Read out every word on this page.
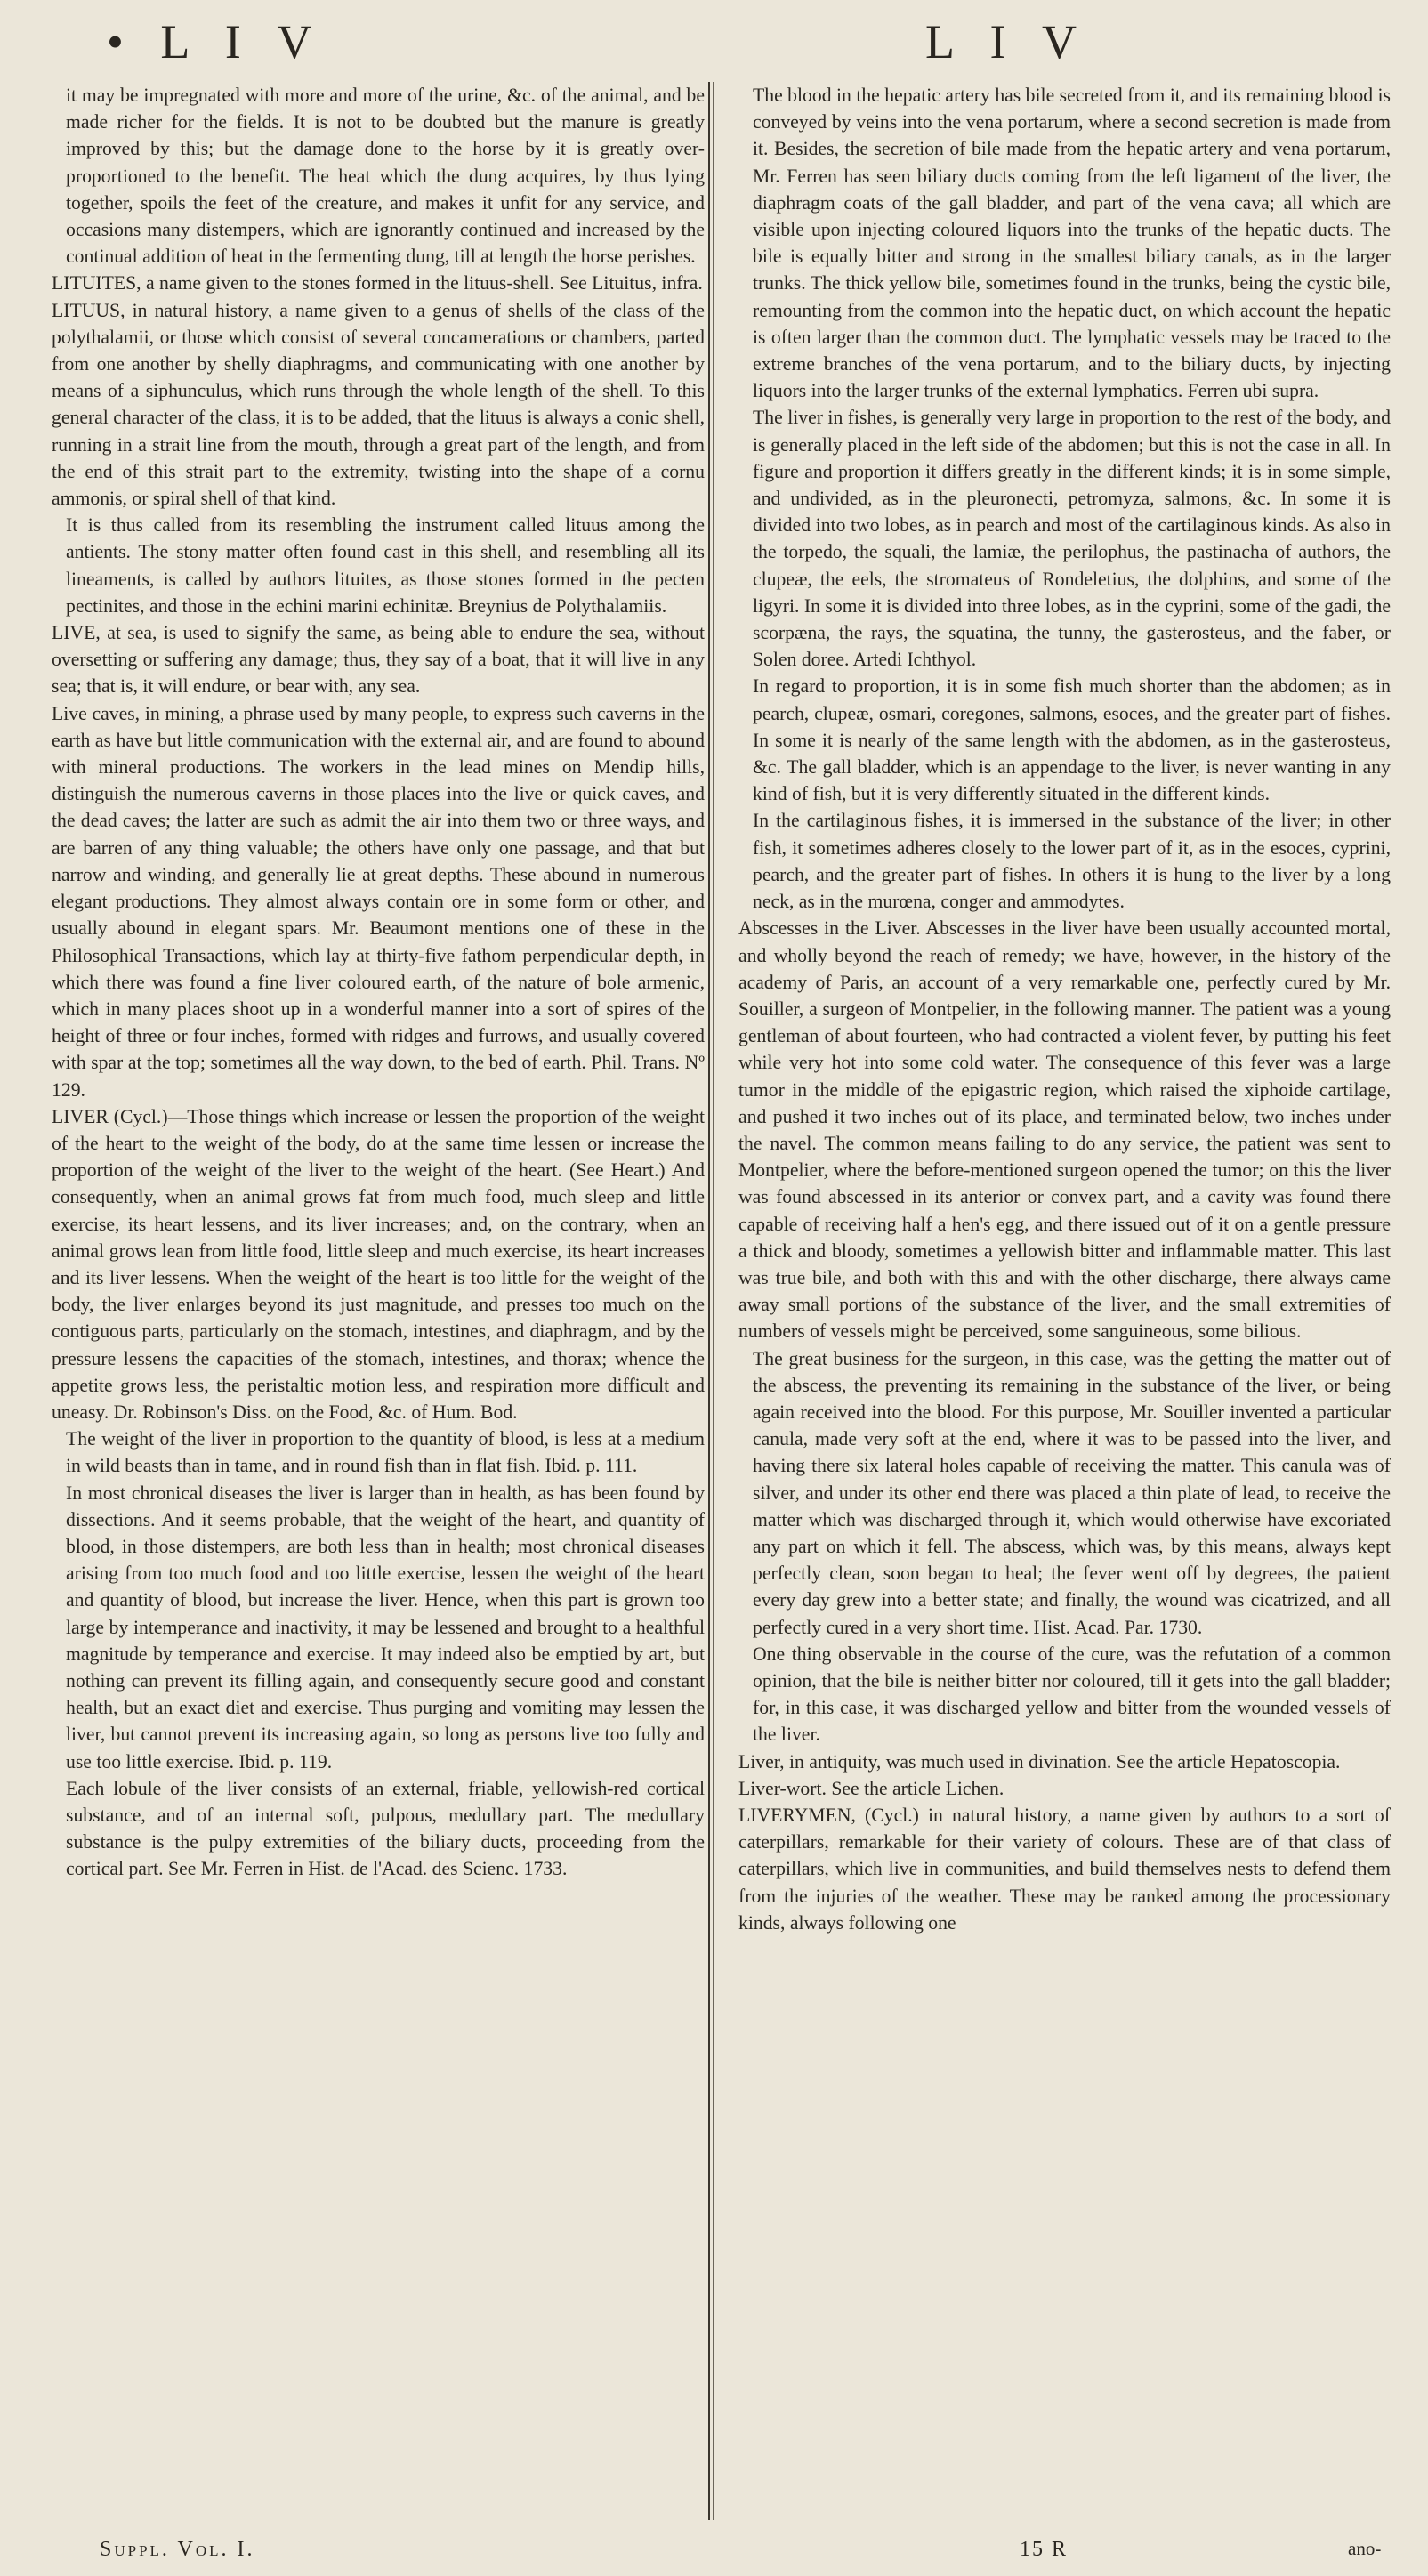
• L I V	L I V

it may be impregnated with more and more of the urine, &c. of the animal, and be made richer for the fields. It is not to be doubted but the manure is greatly improved by this; but the damage done to the horse by it is greatly over-proportioned to the benefit. The heat which the dung acquires, by thus lying together, spoils the feet of the creature, and makes it unfit for any service, and occasions many distempers, which are ignorantly continued and increased by the continual addition of heat in the fermenting dung, till at length the horse perishes.

LITUITES, a name given to the stones formed in the lituus-shell. See Lituitus, infra.

LITUUS, in natural history, a name given to a genus of shells of the class of the polythalamii, or those which consist of several concamerations or chambers, parted from one another by shelly diaphragms, and communicating with one another by means of a siphunculus, which runs through the whole length of the shell. To this general character of the class, it is to be added, that the lituus is always a conic shell, running in a strait line from the mouth, through a great part of the length, and from the end of this strait part to the extremity, twisting into the shape of a cornu ammonis, or spiral shell of that kind.

It is thus called from its resembling the instrument called lituus among the antients. The stony matter often found cast in this shell, and resembling all its lineaments, is called by authors lituites, as those stones formed in the pecten pectinites, and those in the echini marini echinitæ. Breynius de Polythalamiis.

LIVE, at sea, is used to signify the same, as being able to endure the sea, without oversetting or suffering any damage; thus, they say of a boat, that it will live in any sea; that is, it will endure, or bear with, any sea.

Live caves, in mining, a phrase used by many people, to express such caverns in the earth as have but little communication with the external air, and are found to abound with mineral productions. The workers in the lead mines on Mendip hills, distinguish the numerous caverns in those places into the live or quick caves, and the dead caves; the latter are such as admit the air into them two or three ways, and are barren of any thing valuable; the others have only one passage, and that but narrow and winding, and generally lie at great depths. These abound in numerous elegant productions. They almost always contain ore in some form or other, and usually abound in elegant spars. Mr. Beaumont mentions one of these in the Philosophical Transactions, which lay at thirty-five fathom perpendicular depth, in which there was found a fine liver coloured earth, of the nature of bole armenic, which in many places shoot up in a wonderful manner into a sort of spires of the height of three or four inches, formed with ridges and furrows, and usually covered with spar at the top; sometimes all the way down, to the bed of earth. Phil. Trans. Nº 129.

LIVER (Cycl.)—Those things which increase or lessen the proportion of the weight of the heart to the weight of the body, do at the same time lessen or increase the proportion of the weight of the liver to the weight of the heart. (See Heart.) And consequently, when an animal grows fat from much food, much sleep and little exercise, its heart lessens, and its liver increases; and, on the contrary, when an animal grows lean from little food, little sleep and much exercise, its heart increases and its liver lessens. When the weight of the heart is too little for the weight of the body, the liver enlarges beyond its just magnitude, and presses too much on the contiguous parts, particularly on the stomach, intestines, and diaphragm, and by the pressure lessens the capacities of the stomach, intestines, and thorax; whence the appetite grows less, the peristaltic motion less, and respiration more difficult and uneasy. Dr. Robinson's Diss. on the Food, &c. of Hum. Bod.

The weight of the liver in proportion to the quantity of blood, is less at a medium in wild beasts than in tame, and in round fish than in flat fish. Ibid. p. 111.

In most chronical diseases the liver is larger than in health, as has been found by dissections. And it seems probable, that the weight of the heart, and quantity of blood, in those distempers, are both less than in health; most chronical diseases arising from too much food and too little exercise, lessen the weight of the heart and quantity of blood, but increase the liver. Hence, when this part is grown too large by intemperance and inactivity, it may be lessened and brought to a healthful magnitude by temperance and exercise. It may indeed also be emptied by art, but nothing can prevent its filling again, and consequently secure good and constant health, but an exact diet and exercise. Thus purging and vomiting may lessen the liver, but cannot prevent its increasing again, so long as persons live too fully and use too little exercise. Ibid. p. 119.

Each lobule of the liver consists of an external, friable, yellowish-red cortical substance, and of an internal soft, pulpous, medullary part. The medullary substance is the pulpy extremities of the biliary ducts, proceeding from the cortical part. See Mr. Ferren in Hist. de l'Acad. des Scienc. 1733.

The blood in the hepatic artery has bile secreted from it, and its remaining blood is conveyed by veins into the vena portarum, where a second secretion is made from it. Besides, the secretion of bile made from the hepatic artery and vena portarum, Mr. Ferren has seen biliary ducts coming from the left ligament of the liver, the diaphragm coats of the gall bladder, and part of the vena cava; all which are visible upon injecting coloured liquors into the trunks of the hepatic ducts. The bile is equally bitter and strong in the smallest biliary canals, as in the larger trunks. The thick yellow bile, sometimes found in the trunks, being the cystic bile, remounting from the common into the hepatic duct, on which account the hepatic is often larger than the common duct. The lymphatic vessels may be traced to the extreme branches of the vena portarum, and to the biliary ducts, by injecting liquors into the larger trunks of the external lymphatics. Ferren ubi supra.

The liver in fishes, is generally very large in proportion to the rest of the body, and is generally placed in the left side of the abdomen; but this is not the case in all. In figure and proportion it differs greatly in the different kinds; it is in some simple, and undivided, as in the pleuronecti, petromyza, salmons, &c. In some it is divided into two lobes, as in pearch and most of the cartilaginous kinds. As also in the torpedo, the squali, the lamiæ, the perilophus, the pastinacha of authors, the clupeæ, the eels, the stromateus of Rondeletius, the dolphins, and some of the ligyri. In some it is divided into three lobes, as in the cyprini, some of the gadi, the scorpæna, the rays, the squatina, the tunny, the gasterosteus, and the faber, or Solen doree. Artedi Ichthyol.

In regard to proportion, it is in some fish much shorter than the abdomen; as in pearch, clupeæ, osmari, coregones, salmons, esoces, and the greater part of fishes. In some it is nearly of the same length with the abdomen, as in the gasterosteus, &c. The gall bladder, which is an appendage to the liver, is never wanting in any kind of fish, but it is very differently situated in the different kinds.

In the cartilaginous fishes, it is immersed in the substance of the liver; in other fish, it sometimes adheres closely to the lower part of it, as in the esoces, cyprini, pearch, and the greater part of fishes. In others it is hung to the liver by a long neck, as in the murœna, conger and ammodytes.

Abscesses in the Liver. Abscesses in the liver have been usually accounted mortal, and wholly beyond the reach of remedy; we have, however, in the history of the academy of Paris, an account of a very remarkable one, perfectly cured by Mr. Souiller, a surgeon of Montpelier, in the following manner. The patient was a young gentleman of about fourteen, who had contracted a violent fever, by putting his feet while very hot into some cold water. The consequence of this fever was a large tumor in the middle of the epigastric region, which raised the xiphoide cartilage, and pushed it two inches out of its place, and terminated below, two inches under the navel. The common means failing to do any service, the patient was sent to Montpelier, where the before-mentioned surgeon opened the tumor; on this the liver was found abscessed in its anterior or convex part, and a cavity was found there capable of receiving half a hen's egg, and there issued out of it on a gentle pressure a thick and bloody, sometimes a yellowish bitter and inflammable matter. This last was true bile, and both with this and with the other discharge, there always came away small portions of the substance of the liver, and the small extremities of numbers of vessels might be perceived, some sanguineous, some bilious.

The great business for the surgeon, in this case, was the getting the matter out of the abscess, the preventing its remaining in the substance of the liver, or being again received into the blood. For this purpose, Mr. Souiller invented a particular canula, made very soft at the end, where it was to be passed into the liver, and having there six lateral holes capable of receiving the matter. This canula was of silver, and under its other end there was placed a thin plate of lead, to receive the matter which was discharged through it, which would otherwise have excoriated any part on which it fell. The abscess, which was, by this means, always kept perfectly clean, soon began to heal; the fever went off by degrees, the patient every day grew into a better state; and finally, the wound was cicatrized, and all perfectly cured in a very short time. Hist. Acad. Par. 1730.

One thing observable in the course of the cure, was the refutation of a common opinion, that the bile is neither bitter nor coloured, till it gets into the gall bladder; for, in this case, it was discharged yellow and bitter from the wounded vessels of the liver.

Liver, in antiquity, was much used in divination. See the article Hepatoscopia.

Liver-wort. See the article Lichen.

LIVERYMEN, (Cycl.) in natural history, a name given by authors to a sort of caterpillars, remarkable for their variety of colours. These are of that class of caterpillars, which live in communities, and build themselves nests to defend them from the injuries of the weather. These may be ranked among the processionary kinds, always following one

Suppl. Vol. I.	15 R	ano-
